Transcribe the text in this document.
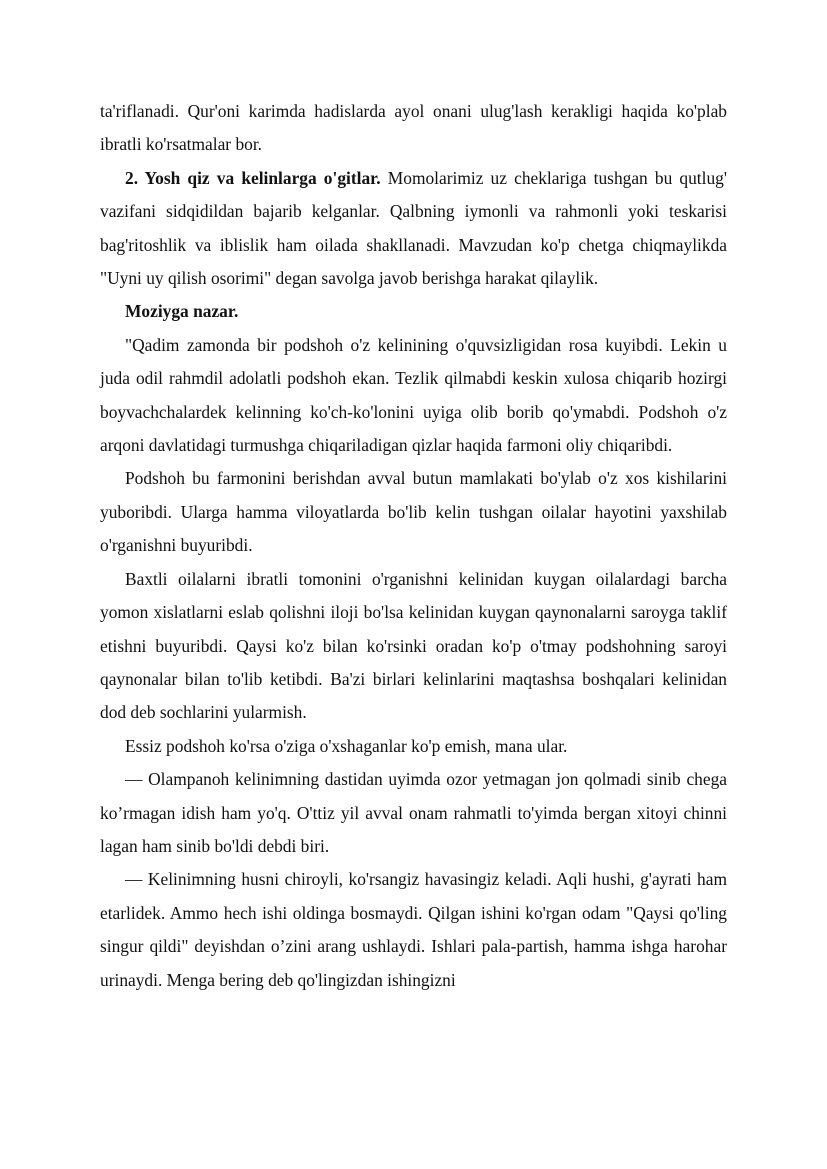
ta'riflanadi. Qur'oni karimda hadislarda ayol onani ulug'lash kerakligi haqida ko'plab ibratli ko'rsatmalar bor.

2. Yosh qiz va kelinlarga o'gitlar. Momolarimiz uz cheklariga tushgan bu qutlug' vazifani sidqidildan bajarib kelganlar. Qalbning iymonli va rahmonli yoki teskarisi bag'ritoshlik va iblislik ham oilada shakllanadi. Mavzudan ko'p chetga chiqmaylikda "Uyni uy qilish osorimi" degan savolga javob berishga harakat qilaylik.

Moziyga nazar.

"Qadim zamonda bir podshoh o'z kelinining o'quvsizligidan rosa kuyibdi. Lekin u juda odil rahmdil adolatli podshoh ekan. Tezlik qilmabdi keskin xulosa chiqarib hozirgi boyvachchalardek kelinning ko'ch-ko'lonini uyiga olib borib qo'ymabdi. Podshoh o'z arqoni davlatidagi turmushga chiqariladigan qizlar haqida farmoni oliy chiqaribdi.

Podshoh bu farmonini berishdan avval butun mamlakati bo'ylab o'z xos kishilarini yuboribdi. Ularga hamma viloyatlarda bo'lib kelin tushgan oilalar hayotini yaxshilab o'rganishni buyuribdi.

Baxtli oilalarni ibratli tomonini o'rganishni kelinidan kuygan oilalardagi barcha yomon xislatlarni eslab qolishni iloji bo'lsa kelinidan kuygan qaynonalarni saroyga taklif etishni buyuribdi. Qaysi ko'z bilan ko'rsinki oradan ko'p o'tmay podshohning saroyi qaynonalar bilan to'lib ketibdi. Ba'zi birlari kelinlarini maqtashsa boshqalari kelinidan dod deb sochlarini yularmish.

Essiz podshoh ko'rsa o'ziga o'xshaganlar ko'p emish, mana ular.

— Olampanoh kelinimning dastidan uyimda ozor yetmagan jon qolmadi sinib chega ko’rmagan idish ham yo'q. O'ttiz yil avval onam rahmatli to'yimda bergan xitoyi chinni lagan ham sinib bo'ldi debdi biri.

— Kelinimning husni chiroyli, ko'rsangiz havasingiz keladi. Aqli hushi, g'ayrati ham etarlidek. Ammo hech ishi oldinga bosmaydi. Qilgan ishini ko'rgan odam "Qaysi qo'ling singur qildi" deyishdan o’zini arang ushlaydi. Ishlari pala-partish, hamma ishga harohar urinaydi. Menga bering deb qo'lingizdan ishingizni
